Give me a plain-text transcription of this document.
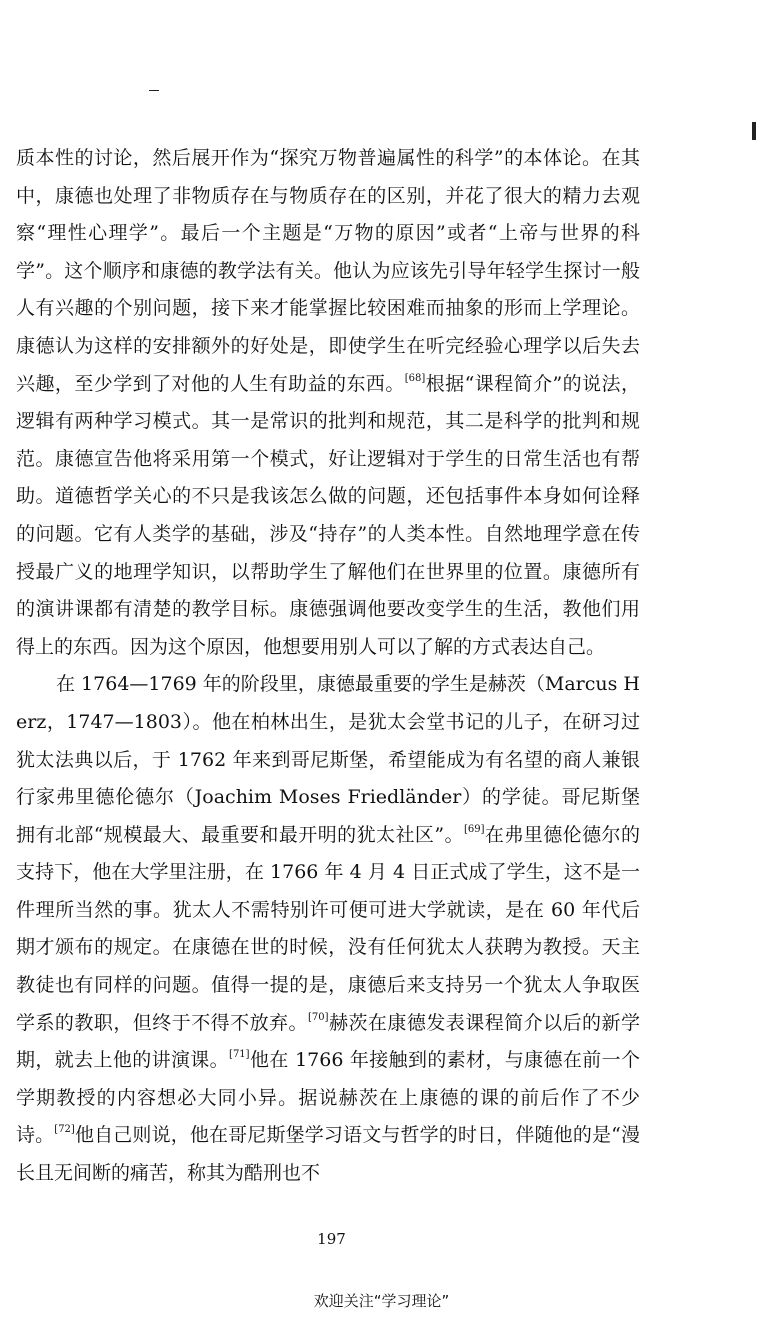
质本性的讨论，然后展开作为“探究万物普遍属性的科学”的本体论。在其中，康德也处理了非物质存在与物质存在的区别，并花了很大的精力去观察“理性心理学”。最后一个主题是“万物的原因”或者“上帝与世界的科学”。这个顺序和康德的教学法有关。他认为应该先引导年轻学生探讨一般人有兴趣的个别问题，接下来才能掌握比较困难而抽象的形而上学理论。康德认为这样的安排额外的好处是，即使学生在听完经验心理学以后失去兴趣，至少学到了对他的人生有助益的东西。[68]根据“课程简介”的说法，逻辑有两种学习模式。其一是常识的批判和规范，其二是科学的批判和规范。康德宣告他将采用第一个模式，好让逻辑对于学生的日常生活也有帮助。道德哲学关心的不只是我该怎么做的问题，还包括事件本身如何诠释的问题。它有人类学的基础，涉及“持存”的人类本性。自然地理学意在传授最广义的地理学知识，以帮助学生了解他们在世界里的位置。康德所有的演讲课都有清楚的教学目标。康德强调他要改变学生的生活，教他们用得上的东西。因为这个原因，他想要用别人可以了解的方式表达自己。

在 1764—1769 年的阶段里，康德最重要的学生是赫茨（Marcus Herz，1747—1803）。他在柏林出生，是犹太会堂书记的儿子，在研习过犹太法典以后，于 1762 年来到哥尼斯堡，希望能成为有名望的商人兼银行家弗里德伦德尔（Joachim Moses Friedländer）的学徒。哥尼斯堡拥有北部“规模最大、最重要和最开明的犹太社区”。[69]在弗里德伦德尔的支持下，他在大学里注册，在 1766 年 4 月 4 日正式成了学生，这不是一件理所当然的事。犹太人不需特别许可便可进大学就读，是在 60 年代后期才颁布的规定。在康德在世的时候，没有任何犹太人获聘为教授。天主教徒也有同样的问题。值得一提的是，康德后来支持另一个犹太人争取医学系的教职，但终于不得不放弃。[70]赫茨在康德发表课程简介以后的新学期，就去上他的讲演课。[71]他在 1766 年接触到的素材，与康德在前一个学期教授的内容想必大同小异。据说赫茨在上康德的课的前后作了不少诗。[72]他自己则说，他在哥尼斯堡学习语文与哲学的时日，伴随他的是“漫长且无间断的痛苦，称其为酷刑也不

197
欢迎关注“学习理论”
